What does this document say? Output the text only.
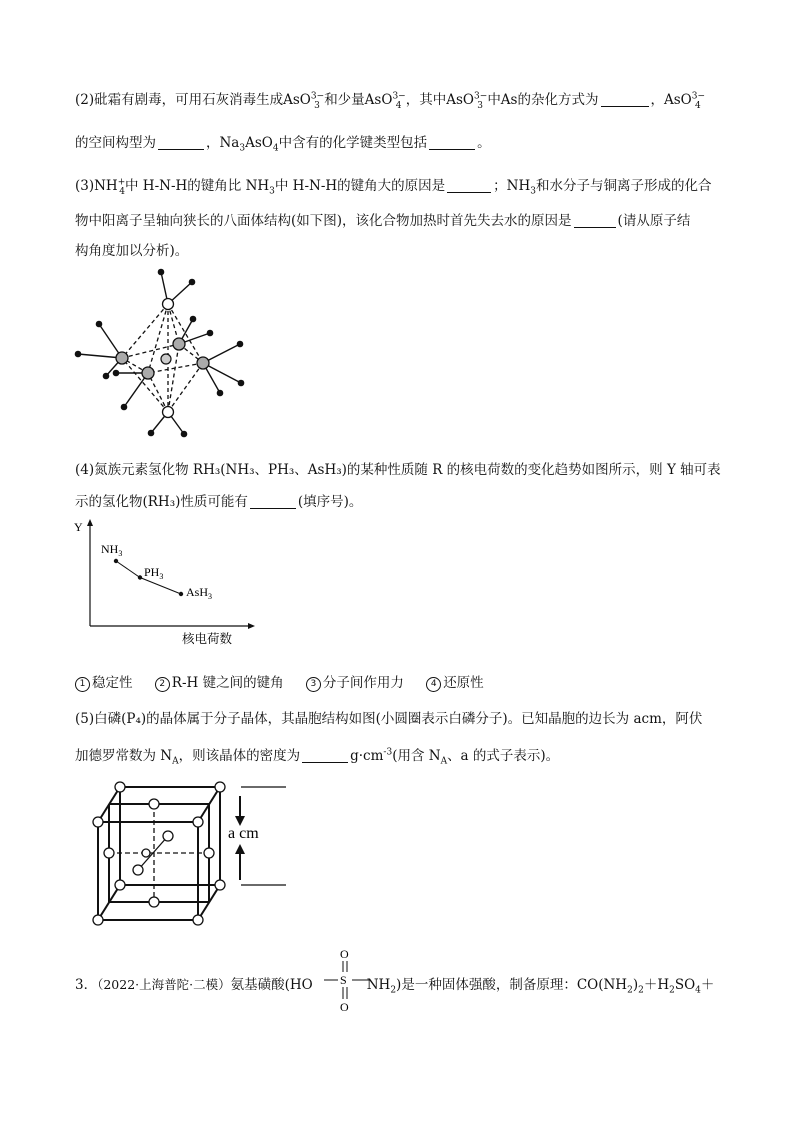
(2)砒霜有剧毒，可用石灰消毒生成AsO$^{3-}_3$ 和少量AsO$^{3-}_4$ ，其中AsO$^{3-}_3$ 中As的杂化方式为	，AsO$^{3-}_4$
的空间构型为	，$Na_3AsO_4$中含有的化学键类型包括	。
$(3)NH^+_4$中 H-N-H的键角比 $NH_3$中 H-N-H的键角大的原因是	；$NH_3$和水分子与铜离子形成的化合
物中阳离子呈轴向狭长的八面体结构(如下图)，该化合物加热时首先失去水的原因是	(请从原子结
构角度加以分析)。
(4)氮族元素氢化物 RH₃(NH₃、PH₃、AsH₃)的某种性质随 R 的核电荷数的变化趋势如图所示，则 Y 轴可表
示的氢化物(RH₃)性质可能有	(填序号)。
Y
$NH_3$
$PH_3$
AsH$_3$
核电荷数
1 稳定性	2 R-H 键之间的键角	3 分子间作用力	4 还原性
(5)白磷(P₄)的晶体属于分子晶体，其晶胞结构如图(小圆圈表示白磷分子)。已知晶胞的边长为 acm，阿伏
加德罗常数为 $N_A$，则该晶体的密度为	$g\cdot cm^{-3}$(用含 $N_A$、a 的式子表示)。
a cm
3．（2022·上海普陀·二模）氨基磺酸(HO	$NH_2$)是一种固体强酸，制备原理：$CO(NH_2)_2+H_2SO_4+$
O
S
O
